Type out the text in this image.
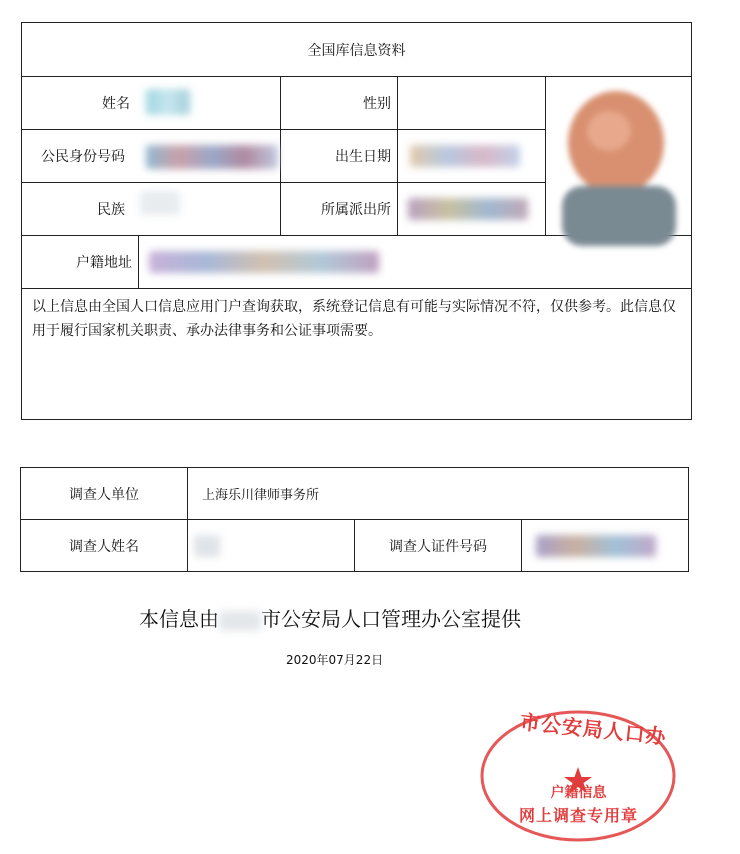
全国库信息资料
姓名	性别
公民身份号码	出生日期
民族	所属派出所
户籍地址
以上信息由全国人口信息应用门户查询获取，系统登记信息有可能与实际情况不符，仅供参考。此信息仅用于履行国家机关职责、承办法律事务和公证事项需要。
调查人单位	上海乐川律师事务所
调查人姓名	调查人证件号码
本信息由 市公安局人口管理办公室提供
2020年07月22日
市公安局人口办
户籍信息
网上调查专用章
